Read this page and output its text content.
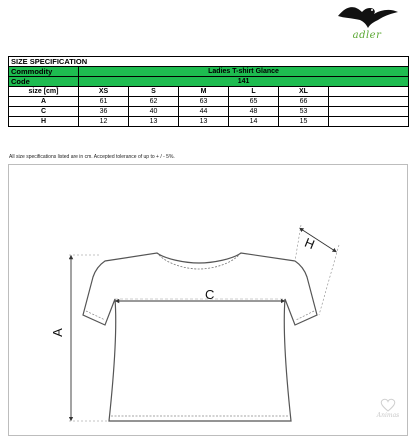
adler
SIZE SPECIFICATION						
Commodity	Ladies T-shirt Glance					
Code	141					
size [cm]	XS	S	M	L	XL	
A	61	62	63	65	66	
C	36	40	44	48	53	
H	12	13	13	14	15	
All size specifications listed are in cm. Accepted tolerance of up to + / - 5%.
C
H
A
Animas
